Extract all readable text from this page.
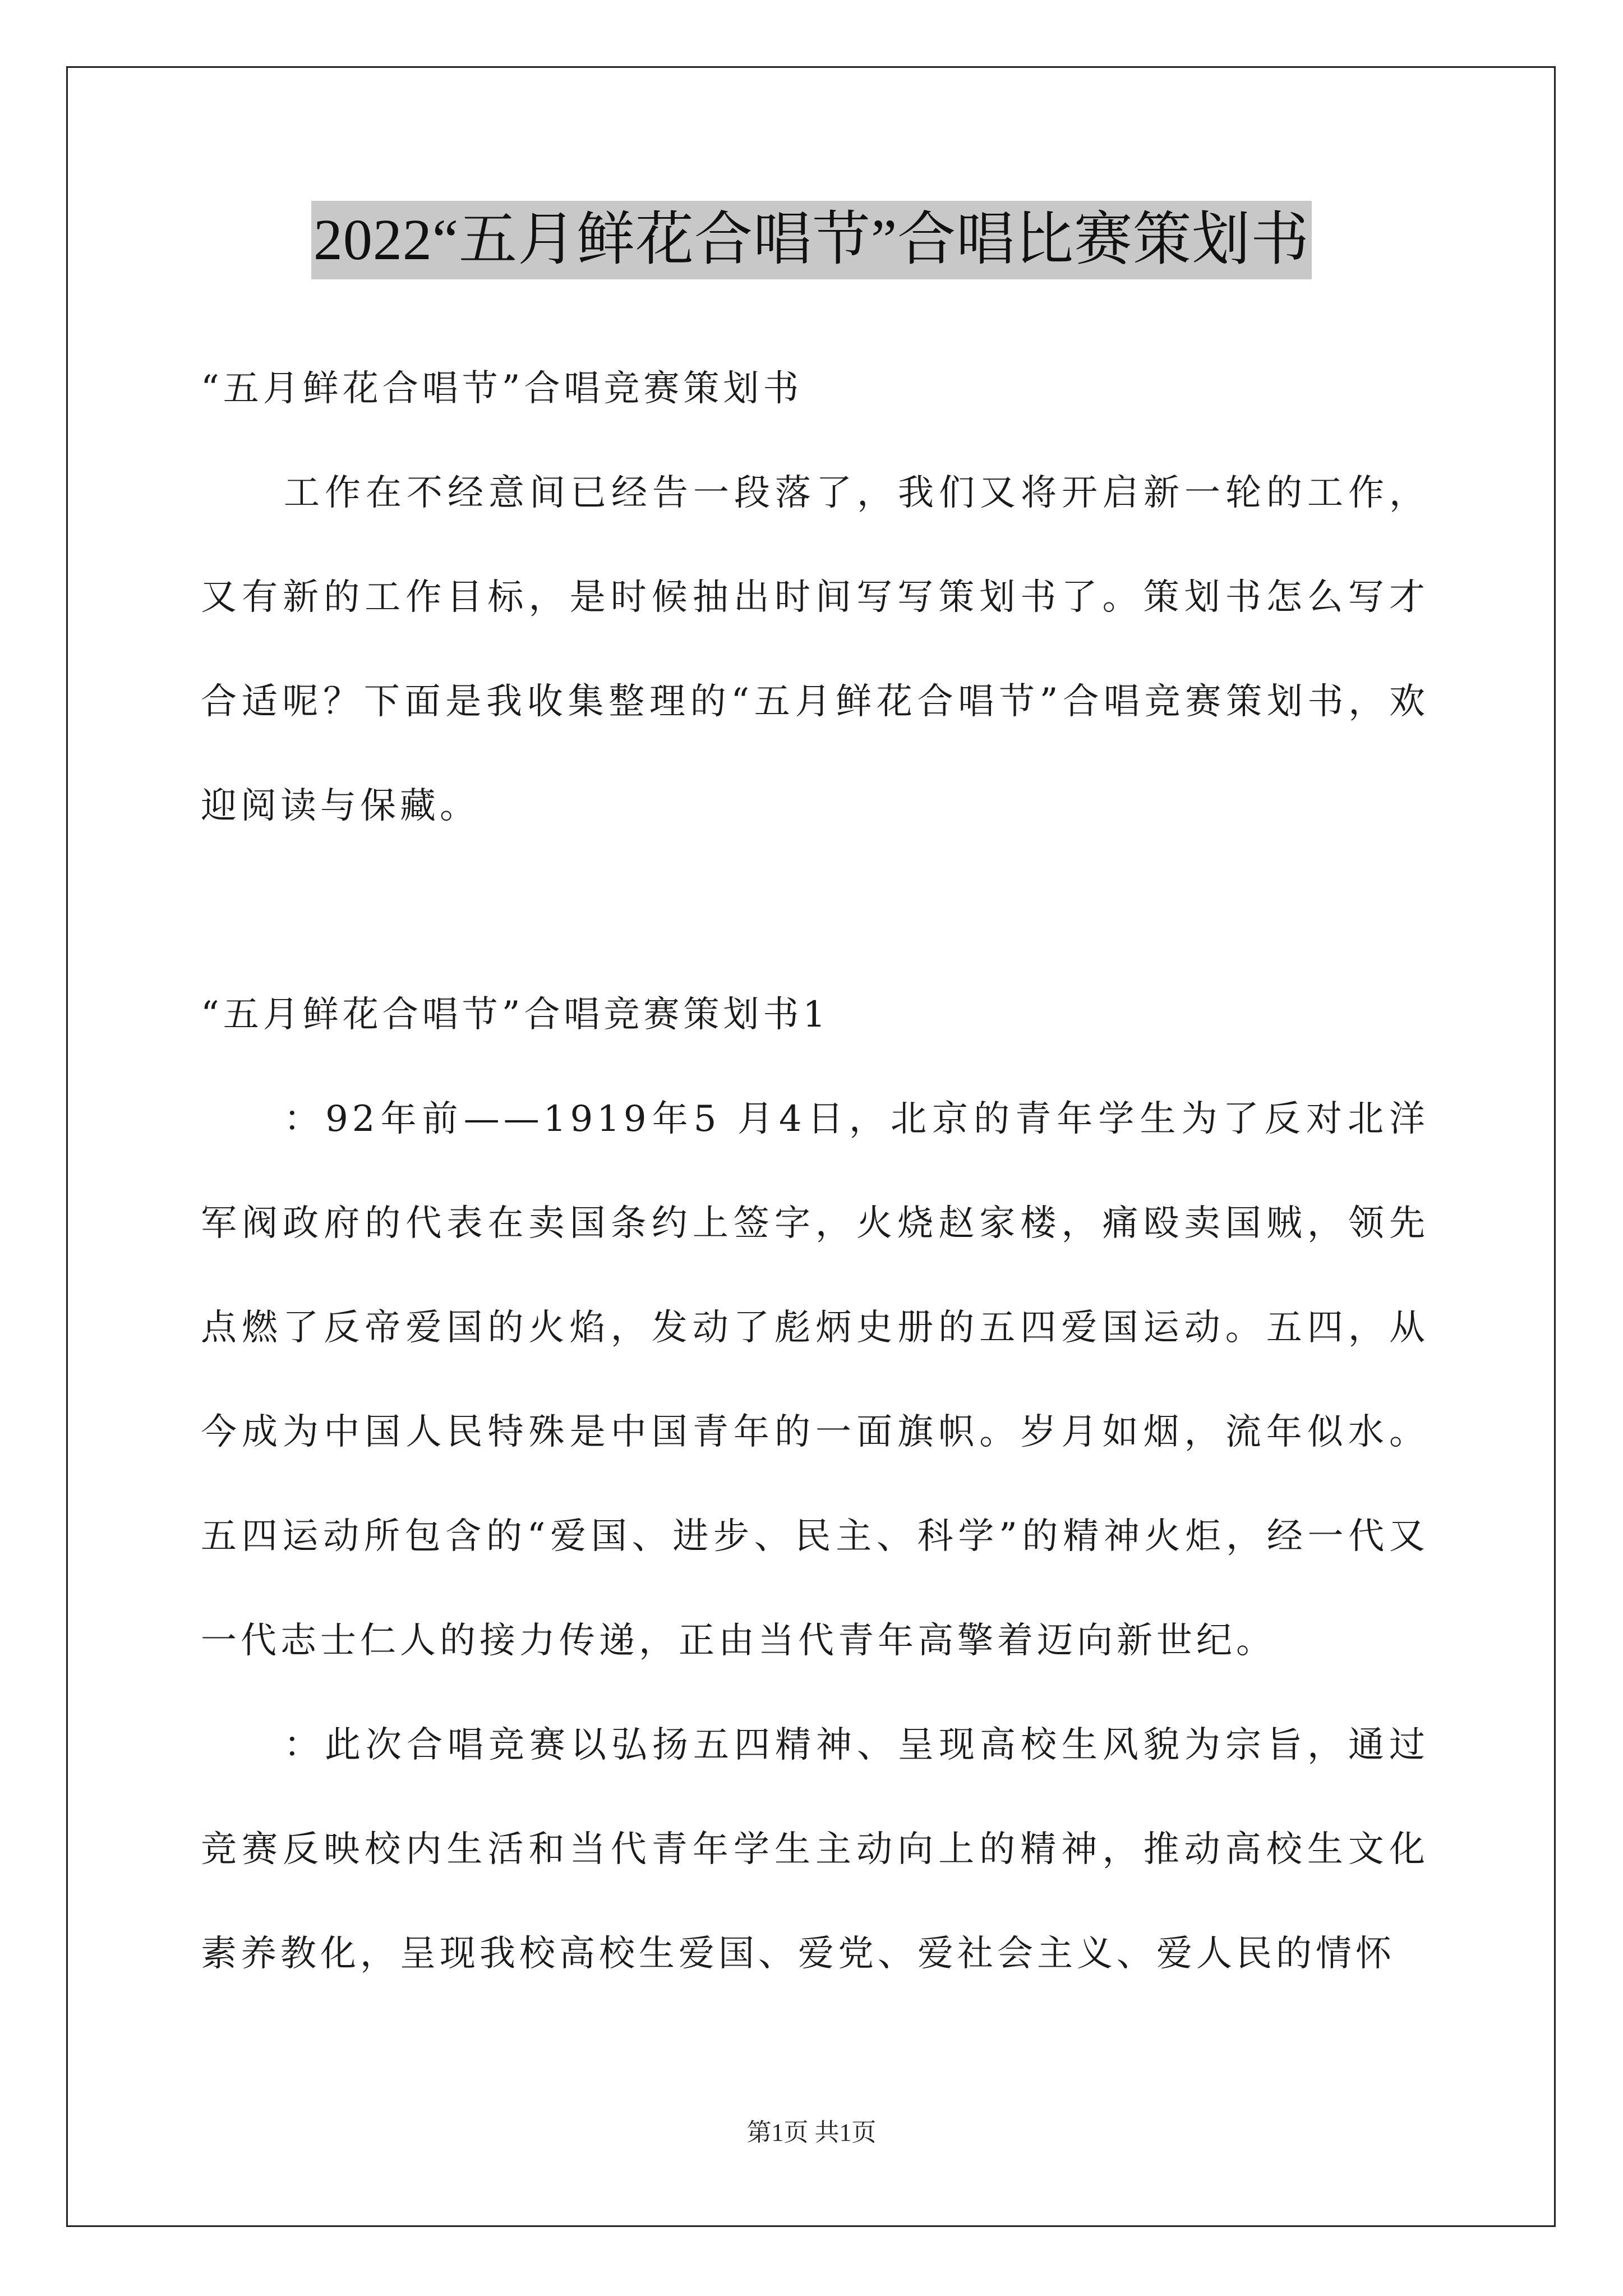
2022“五月鲜花合唱节”合唱比赛策划书

“五月鲜花合唱节”合唱竞赛策划书

工作在不经意间已经告一段落了，我们又将开启新一轮的工作，又有新的工作目标，是时候抽出时间写写策划书了。策划书怎么写才合适呢？下面是我收集整理的“五月鲜花合唱节”合唱竞赛策划书，欢迎阅读与保藏。

“五月鲜花合唱节”合唱竞赛策划书1

：92年前——1919年5 月4日，北京的青年学生为了反对北洋军阀政府的代表在卖国条约上签字，火烧赵家楼，痛殴卖国贼，领先点燃了反帝爱国的火焰，发动了彪炳史册的五四爱国运动。五四，从今成为中国人民特殊是中国青年的一面旗帜。岁月如烟，流年似水。五四运动所包含的“爱国、进步、民主、科学”的精神火炬，经一代又一代志士仁人的接力传递，正由当代青年高擎着迈向新世纪。

：此次合唱竞赛以弘扬五四精神、呈现高校生风貌为宗旨，通过竞赛反映校内生活和当代青年学生主动向上的精神，推动高校生文化素养教化，呈现我校高校生爱国、爱党、爱社会主义、爱人民的情怀

第1页 共1页
